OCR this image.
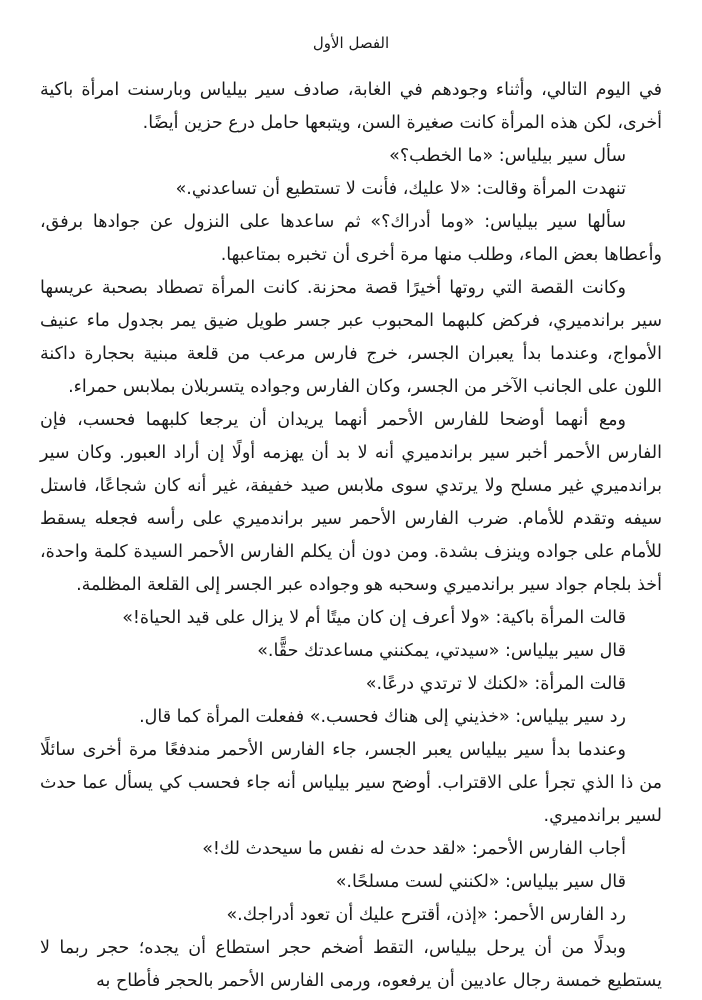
الفصل الأول

في اليوم التالي، وأثناء وجودهم في الغابة، صادف سير بيلياس وبارسنت امرأة باكية أخرى، لكن هذه المرأة كانت صغيرة السن، ويتبعها حامل درع حزين أيضًا.

سأل سير بيلياس: «ما الخطب؟»

تنهدت المرأة وقالت: «لا عليك، فأنت لا تستطيع أن تساعدني.»

سألها سير بيلياس: «وما أدراك؟» ثم ساعدها على النزول عن جوادها برفق، وأعطاها بعض الماء، وطلب منها مرة أخرى أن تخبره بمتاعبها.

وكانت القصة التي روتها أخيرًا قصة محزنة. كانت المرأة تصطاد بصحبة عريسها سير براندميري، فركض كلبهما المحبوب عبر جسر طويل ضيق يمر بجدول ماء عنيف الأمواج، وعندما بدأ يعبران الجسر، خرج فارس مرعب من قلعة مبنية بحجارة داكنة اللون على الجانب الآخر من الجسر، وكان الفارس وجواده يتسربلان بملابس حمراء.

ومع أنهما أوضحا للفارس الأحمر أنهما يريدان أن يرجعا كلبهما فحسب، فإن الفارس الأحمر أخبر سير براندميري أنه لا بد أن يهزمه أولًا إن أراد العبور. وكان سير براندميري غير مسلح ولا يرتدي سوى ملابس صيد خفيفة، غير أنه كان شجاعًا، فاستل سيفه وتقدم للأمام. ضرب الفارس الأحمر سير براندميري على رأسه فجعله يسقط للأمام على جواده وينزف بشدة. ومن دون أن يكلم الفارس الأحمر السيدة كلمة واحدة، أخذ بلجام جواد سير براندميري وسحبه هو وجواده عبر الجسر إلى القلعة المظلمة.

قالت المرأة باكية: «ولا أعرف إن كان ميتًا أم لا يزال على قيد الحياة!»

قال سير بيلياس: «سيدتي، يمكنني مساعدتك حقًّا.»

قالت المرأة: «لكنك لا ترتدي درعًا.»

رد سير بيلياس: «خذيني إلى هناك فحسب.» ففعلت المرأة كما قال.

وعندما بدأ سير بيلياس يعبر الجسر، جاء الفارس الأحمر مندفعًا مرة أخرى سائلًا من ذا الذي تجرأ على الاقتراب. أوضح سير بيلياس أنه جاء فحسب كي يسأل عما حدث لسير براندميري.

أجاب الفارس الأحمر: «لقد حدث له نفس ما سيحدث لك!»

قال سير بيلياس: «لكنني لست مسلحًا.»

رد الفارس الأحمر: «إذن، أقترح عليك أن تعود أدراجك.»

وبدلًا من أن يرحل بيلياس، التقط أضخم حجر استطاع أن يجده؛ حجر ربما لا يستطيع خمسة رجال عاديين أن يرفعوه، ورمى الفارس الأحمر بالحجر فأطاح به
